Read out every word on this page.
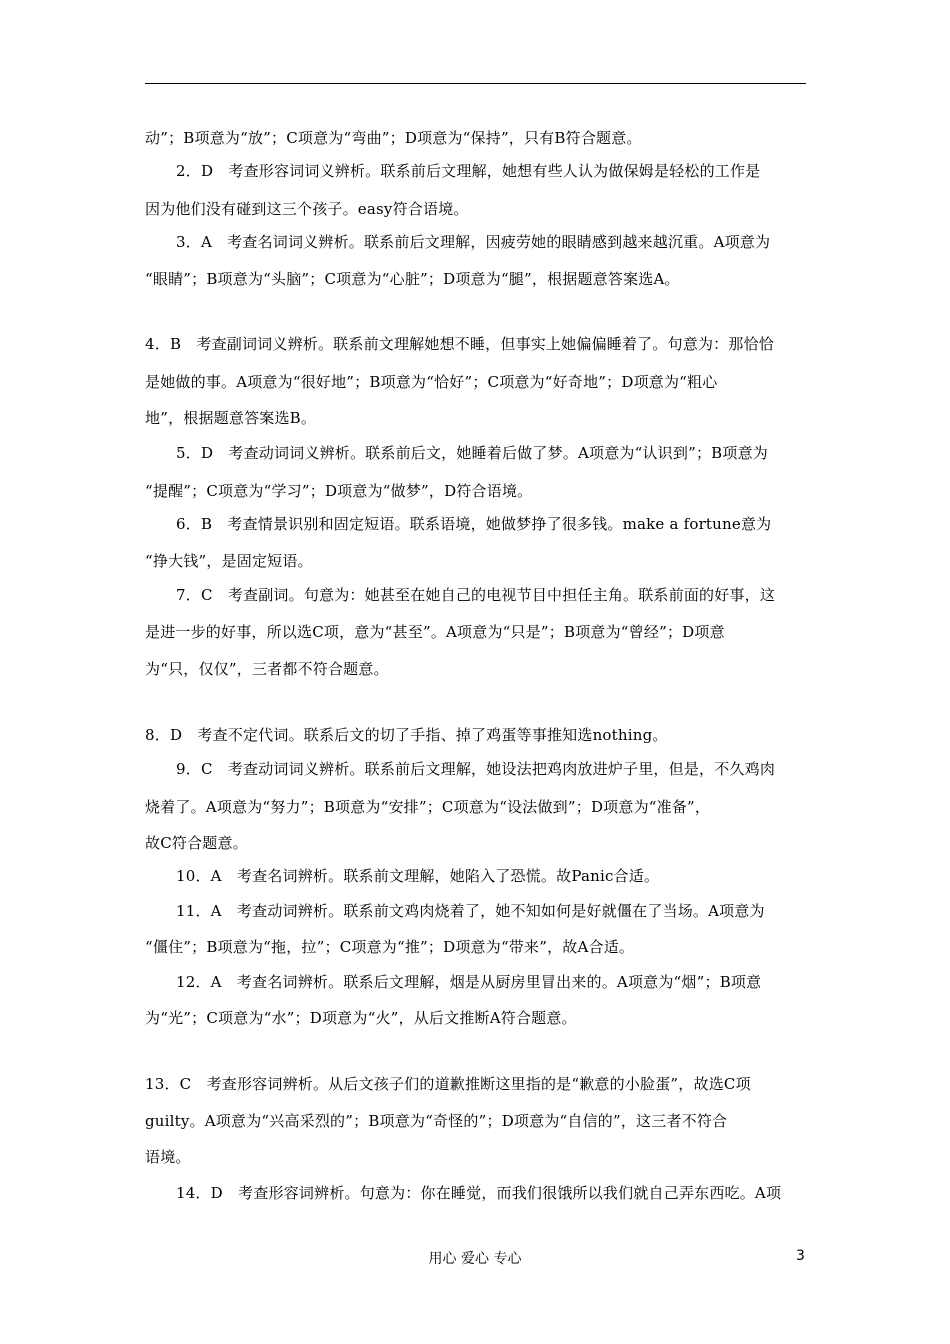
动”；B项意为“放”；C项意为“弯曲”；D项意为“保持”，只有B符合题意。
2．D　考查形容词词义辨析。联系前后文理解，她想有些人认为做保姆是轻松的工作是
因为他们没有碰到这三个孩子。easy符合语境。
3．A　考查名词词义辨析。联系前后文理解，因疲劳她的眼睛感到越来越沉重。A项意为
“眼睛”；B项意为“头脑”；C项意为“心脏”；D项意为“腿”，根据题意答案选A。
4．B　考查副词词义辨析。联系前文理解她想不睡，但事实上她偏偏睡着了。句意为：那恰恰
是她做的事。A项意为“很好地”；B项意为“恰好”；C项意为“好奇地”；D项意为“粗心
地”，根据题意答案选B。
5．D　考查动词词义辨析。联系前后文，她睡着后做了梦。A项意为“认识到”；B项意为
“提醒”；C项意为“学习”；D项意为“做梦”，D符合语境。
6．B　考查情景识别和固定短语。联系语境，她做梦挣了很多钱。make a fortune意为
“挣大钱”，是固定短语。
7．C　考查副词。句意为：她甚至在她自己的电视节目中担任主角。联系前面的好事，这
是进一步的好事，所以选C项，意为“甚至”。A项意为“只是”；B项意为“曾经”；D项意
为“只，仅仅”，三者都不符合题意。
8．D　考查不定代词。联系后文的切了手指、掉了鸡蛋等事推知选nothing。
9．C　考查动词词义辨析。联系前后文理解，她设法把鸡肉放进炉子里，但是，不久鸡肉
烧着了。A项意为“努力”；B项意为“安排”；C项意为“设法做到”；D项意为“准备”，
故C符合题意。
10．A　考查名词辨析。联系前文理解，她陷入了恐慌。故Panic合适。
11．A　考查动词辨析。联系前文鸡肉烧着了，她不知如何是好就僵在了当场。A项意为
“僵住”；B项意为“拖，拉”；C项意为“推”；D项意为“带来”，故A合适。
12．A　考查名词辨析。联系后文理解，烟是从厨房里冒出来的。A项意为“烟”；B项意
为“光”；C项意为“水”；D项意为“火”，从后文推断A符合题意。
13．C　考查形容词辨析。从后文孩子们的道歉推断这里指的是“歉意的小脸蛋”，故选C项
guilty。A项意为“兴高采烈的”；B项意为“奇怪的”；D项意为“自信的”，这三者不符合
语境。
14．D　考查形容词辨析。句意为：你在睡觉，而我们很饿所以我们就自己弄东西吃。A项
用心 爱心 专心	3
